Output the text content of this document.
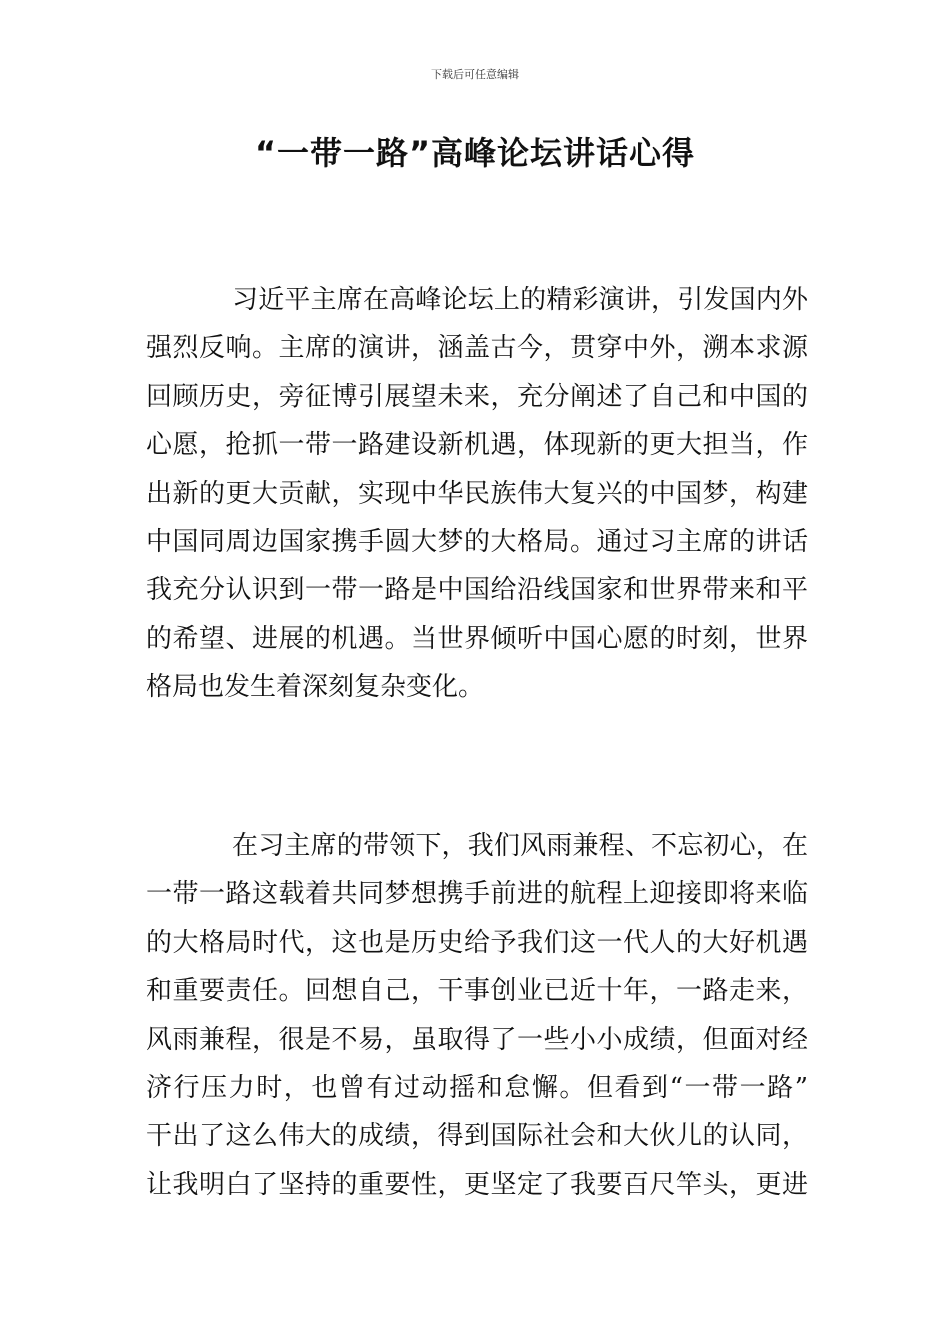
下载后可任意编辑
“一带一路”高峰论坛讲话心得
习近平主席在高峰论坛上的精彩演讲，引发国内外
强烈反响。主席的演讲，涵盖古今，贯穿中外，溯本求源
回顾历史，旁征博引展望未来，充分阐述了自己和中国的
心愿，抢抓一带一路建设新机遇，体现新的更大担当，作
出新的更大贡献，实现中华民族伟大复兴的中国梦，构建
中国同周边国家携手圆大梦的大格局。通过习主席的讲话
我充分认识到一带一路是中国给沿线国家和世界带来和平
的希望、进展的机遇。当世界倾听中国心愿的时刻，世界
格局也发生着深刻复杂变化。
在习主席的带领下，我们风雨兼程、不忘初心，在
一带一路这载着共同梦想携手前进的航程上迎接即将来临
的大格局时代，这也是历史给予我们这一代人的大好机遇
和重要责任。回想自己，干事创业已近十年，一路走来，
风雨兼程，很是不易，虽取得了一些小小成绩，但面对经
济行压力时，也曾有过动摇和怠懈。但看到“一带一路”
干出了这么伟大的成绩，得到国际社会和大伙儿的认同，
让我明白了坚持的重要性，更坚定了我要百尺竿头，更进
